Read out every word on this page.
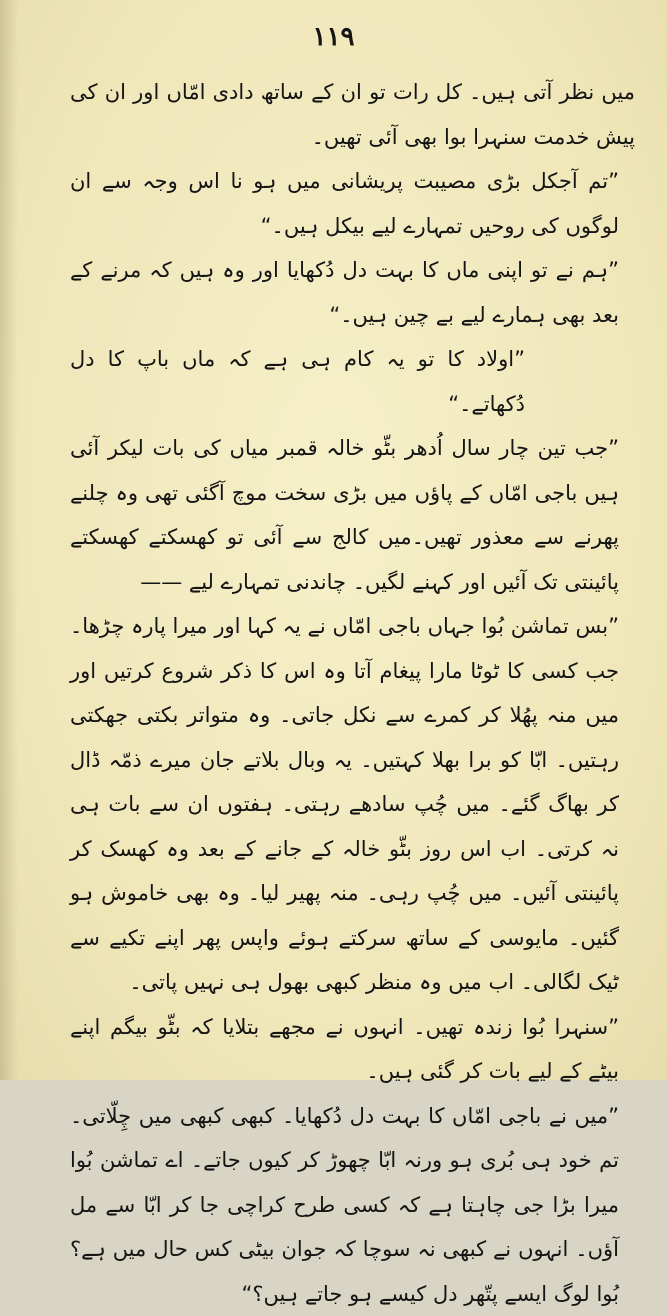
۱۱۹

میں نظر آتی ہیں۔ کل رات تو ان کے ساتھ دادی امّاں اور ان کی پیش خدمت سنہرا بوا بھی آئی تھیں۔

”تم آجکل بڑی مصیبت پریشانی میں ہو نا اس وجہ سے ان لوگوں کی روحیں تمہارے لیے بیکل ہیں۔“

”ہم نے تو اپنی ماں کا بہت دل دُکھایا اور وہ ہیں کہ مرنے کے بعد بھی ہمارے لیے بے چین ہیں۔“

”اولاد کا تو یہ کام ہی ہے کہ ماں باپ کا دل دُکھاتے۔“

”جب تین چار سال اُدھر بٹّو خالہ قمبر میاں کی بات لیکر آئی ہیں باجی امّاں کے پاؤں میں بڑی سخت موچ آگئی تھی وہ چلنے پھرنے سے معذور تھیں۔میں کالج سے آئی تو کھسکتے کھسکتے پائینتی تک آئیں اور کہنے لگیں۔ چاندنی تمہارے لیے ——

”بس تماشن بُوا جہاں باجی امّاں نے یہ کہا اور میرا پارہ چڑھا۔ جب کسی کا ٹوٹا مارا پیغام آتا وہ اس کا ذکر شروع کرتیں اور میں منہ پھُلا کر کمرے سے نکل جاتی۔ وہ متواتر بکتی جھکتی رہتیں۔ ابّا کو برا بھلا کہتیں۔ یہ وبال بلاتے جان میرے ذمّہ ڈال کر بھاگ گئے۔ میں چُپ سادھے رہتی۔ ہفتوں ان سے بات ہی نہ کرتی۔ اب اس روز بٹّو خالہ کے جانے کے بعد وہ کھسک کر پائینتی آئیں۔ میں چُپ رہی۔ منہ پھیر لیا۔ وہ بھی خاموش ہو گئیں۔ مایوسی کے ساتھ سرکتے ہوئے واپس پھر اپنے تکیے سے ٹیک لگالی۔ اب میں وہ منظر کبھی بھول ہی نہیں پاتی۔

”سنہرا بُوا زندہ تھیں۔ انہوں نے مجھے بتلایا کہ بٹّو بیگم اپنے بیٹے کے لیے بات کر گئی ہیں۔

”میں نے باجی امّاں کا بہت دل دُکھایا۔ کبھی کبھی میں چِلّاتی۔ تم خود ہی بُری ہو ورنہ ابّا چھوڑ کر کیوں جاتے۔ اے تماشن بُوا میرا بڑا جی چاہتا ہے کہ کسی طرح کراچی جا کر ابّا سے مل آؤں۔ انہوں نے کبھی نہ سوچا کہ جوان بیٹی کس حال میں ہے؟ بُوا لوگ ایسے پتّھر دل کیسے ہو جاتے ہیں؟“
